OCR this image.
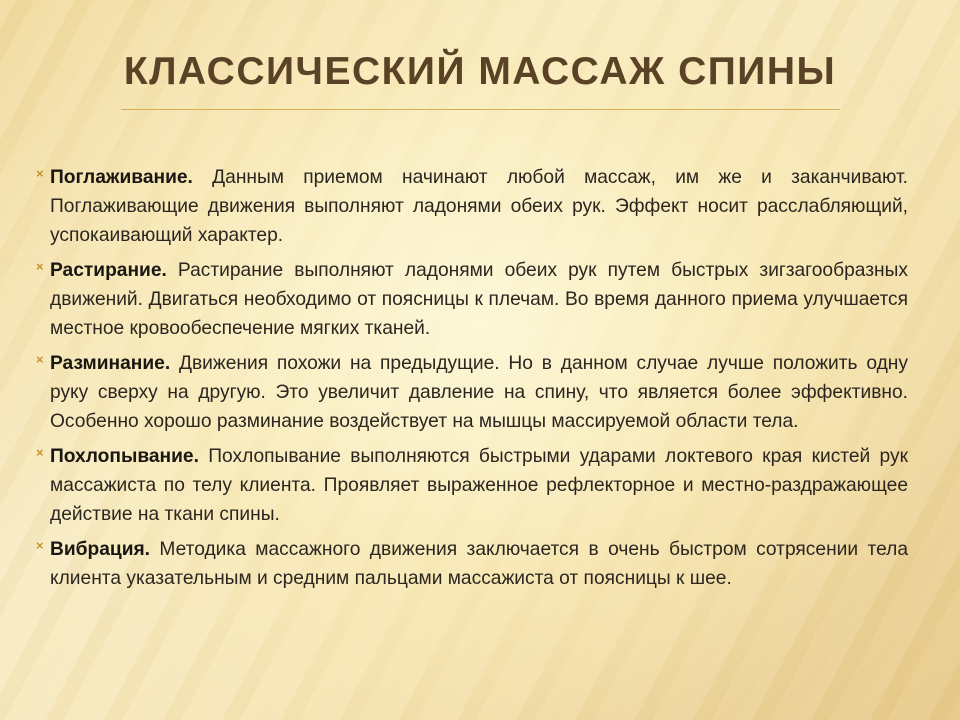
КЛАССИЧЕСКИЙ МАССАЖ СПИНЫ
× Поглаживание. Данным приемом начинают любой массаж, им же и заканчивают. Поглаживающие движения выполняют ладонями обеих рук. Эффект носит расслабляющий, успокаивающий характер.
× Растирание. Растирание выполняют ладонями обеих рук путем быстрых зигзагообразных движений. Двигаться необходимо от поясницы к плечам. Во время данного приема улучшается местное кровообеспечение мягких тканей.
× Разминание. Движения похожи на предыдущие. Но в данном случае лучше положить одну руку сверху на другую. Это увеличит давление на спину, что является более эффективно. Особенно хорошо разминание воздействует на мышцы массируемой области тела.
× Похлопывание. Похлопывание выполняются быстрыми ударами локтевого края кистей рук массажиста по телу клиента. Проявляет выраженное рефлекторное и местно-раздражающее действие на ткани спины.
× Вибрация. Методика массажного движения заключается в очень быстром сотрясении тела клиента указательным и средним пальцами массажиста от поясницы к шее.
